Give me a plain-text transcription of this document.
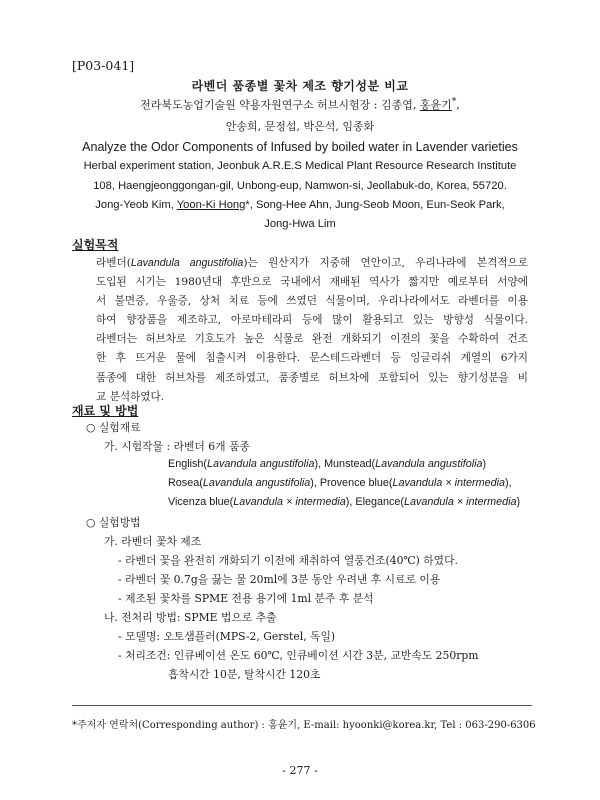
[P03-041]
라벤더 품종별 꽃차 제조 향기성분 비교
전라북도농업기술원 약용자원연구소 허브시험장 : 김종엽, 홍윤기*,
안송희, 문정섭, 박은석, 임종화
Analyze the Odor Components of Infused by boiled water in Lavender varieties
Herbal experiment station, Jeonbuk A.R.E.S Medical Plant Resource Research Institute
108, Haengjeonggongan-gil, Unbong-eup, Namwon-si, Jeollabuk-do, Korea, 55720.
Jong-Yeob Kim, Yoon-Ki Hong*, Song-Hee Ahn, Jung-Seob Moon, Eun-Seok Park,
Jong-Hwa Lim
실험목적
라벤더(Lavandula angustifolia)는 원산지가 지중해 연안이고, 우리나라에 본격적으로
도입된 시기는 1980년대 후반으로 국내에서 재배된 역사가 짧지만 예로부터 서양에
서 불면증, 우울증, 상처 치료 등에 쓰였던 식물이며, 우리나라에서도 라벤더를 이용
하여 향장품을 제조하고, 아로마테라피 등에 많이 활용되고 있는 방향성 식물이다.
라벤더는 허브차로 기호도가 높은 식물로 완전 개화되기 이전의 꽃을 수확하여 건조
한 후 뜨거운 물에 침출시켜 이용한다. 문스테드라벤더 등 잉글리쉬 계열의 6가지
품종에 대한 허브차를 제조하였고, 품종별로 허브차에 포함되어 있는 향기성분을 비
교 분석하였다.
재료 및 방법
○ 실험재료
가. 시험작물 : 라벤더 6개 품종
English(Lavandula angustifolia), Munstead(Lavandula angustifolia)
Rosea(Lavandula angustifolia), Provence blue(Lavandula × intermedia),
Vicenza blue(Lavandula × intermedia), Elegance(Lavandula × intermedia)
○ 실험방법
가. 라벤더 꽃차 제조
- 라벤더 꽃을 완전히 개화되기 이전에 채취하여 열풍건조(40℃) 하였다.
- 라벤더 꽃 0.7g을 끓는 물 20ml에 3분 동안 우려낸 후 시료로 이용
- 제조된 꽃차를 SPME 전용 용기에 1ml 분주 후 분석
나. 전처리 방법: SPME 법으로 추출
- 모델명: 오토샘플러(MPS-2, Gerstel, 독일)
- 처리조건: 인큐베이션 온도 60℃, 인큐베이션 시간 3분, 교반속도 250rpm
흡착시간 10분, 탈착시간 120초
*주저자 연락처(Corresponding author) : 홍윤기, E-mail: hyoonki@korea.kr, Tel : 063-290-6306
- 277 -
